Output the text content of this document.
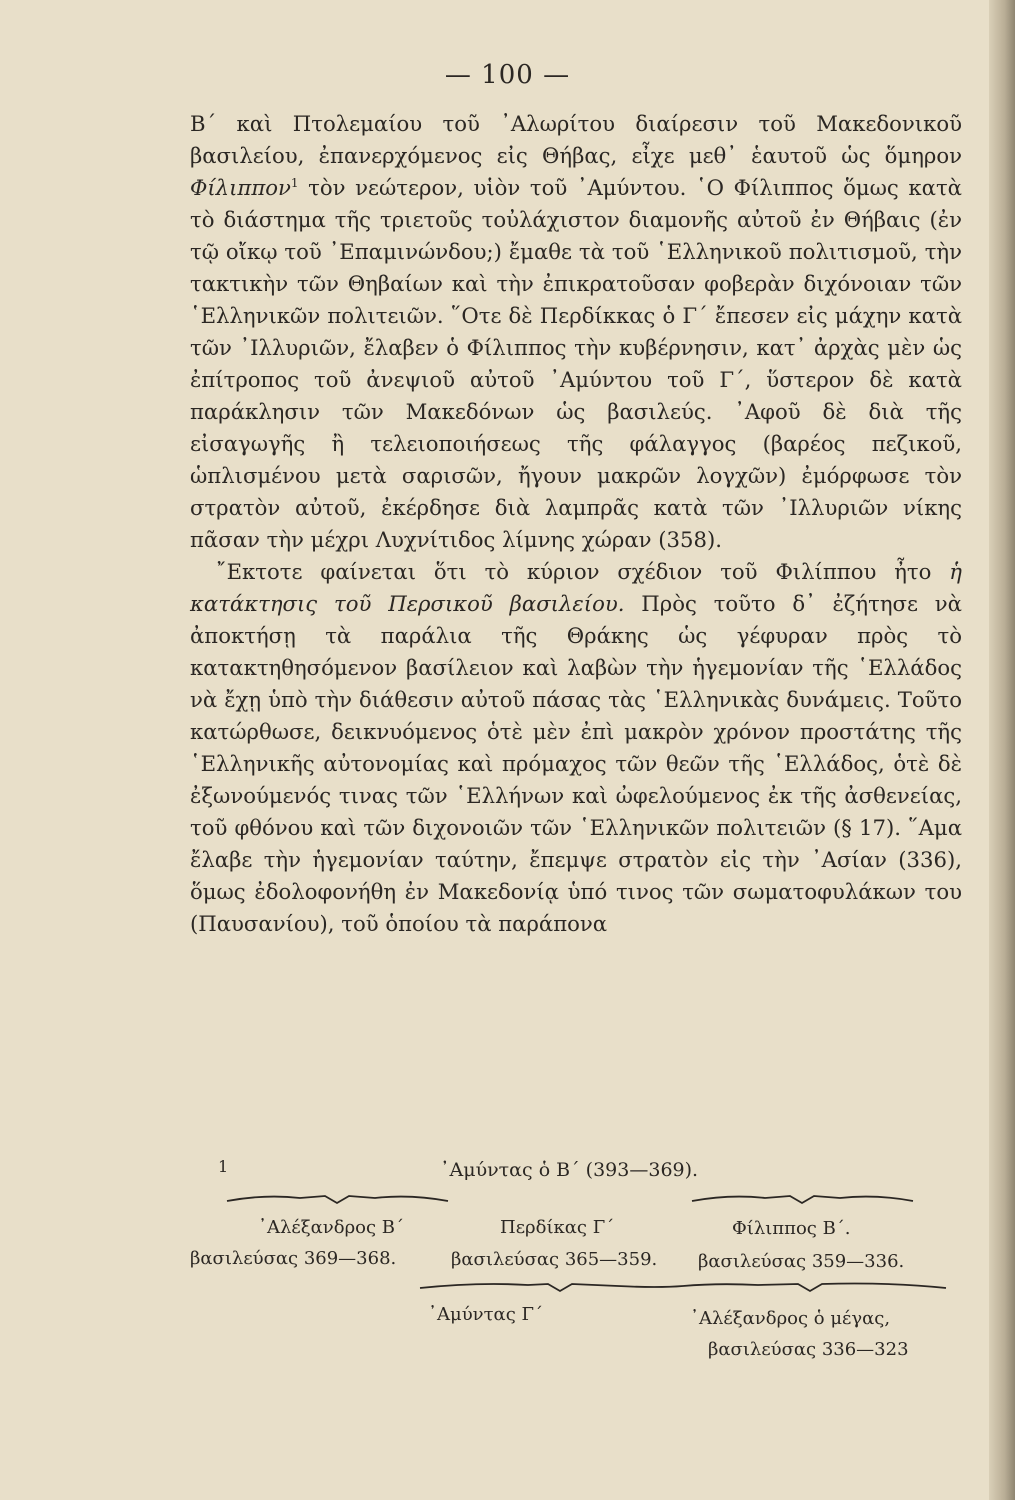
— 100 —

Β´ καὶ Πτολεμαίου τοῦ ᾽Αλωρίτου διαίρεσιν τοῦ Μακεδονικοῦ βασιλείου, ἐπανερχόμενος εἰς Θήβας, εἶχε μεθ᾽ ἑαυτοῦ ὡς ὅμηρον Φίλιππον$^1$ τὸν νεώτερον, υἱὸν τοῦ ᾽Αμύντου. ῾Ο Φίλιππος ὅμως κατὰ τὸ διάστημα τῆς τριετοῦς τοὐλάχιστον διαμονῆς αὐτοῦ ἐν Θήβαις (ἐν τῷ οἴκῳ τοῦ ᾽Επαμινώνδου;) ἔμαθε τὰ τοῦ ῾Ελληνικοῦ πολιτισμοῦ, τὴν τακτικὴν τῶν Θηβαίων καὶ τὴν ἐπικρατοῦσαν φοβερὰν διχόνοιαν τῶν ῾Ελληνικῶν πολιτειῶν. ῞Οτε δὲ Περδίκκας ὁ Γ´ ἔπεσεν εἰς μάχην κατὰ τῶν ᾽Ιλλυριῶν, ἔλαβεν ὁ Φίλιππος τὴν κυβέρνησιν, κατ᾽ ἀρχὰς μὲν ὡς ἐπίτροπος τοῦ ἀνεψιοῦ αὐτοῦ ᾽Αμύντου τοῦ Γ´, ὕστερον δὲ κατὰ παράκλησιν τῶν Μακεδόνων ὡς βασιλεύς. ᾽Αφοῦ δὲ διὰ τῆς εἰσαγωγῆς ἢ τελειοποιήσεως τῆς φάλαγγος (βαρέος πεζικοῦ, ὡπλισμένου μετὰ σαρισῶν, ἤγουν μακρῶν λογχῶν) ἐμόρφωσε τὸν στρατὸν αὐτοῦ, ἐκέρδησε διὰ λαμπρᾶς κατὰ τῶν ᾽Ιλλυριῶν νίκης πᾶσαν τὴν μέχρι Λυχνίτιδος λίμνης χώραν (358).

῎Εκτοτε φαίνεται ὅτι τὸ κύριον σχέδιον τοῦ Φιλίππου ἦτο ἡ κατάκτησις τοῦ Περσικοῦ βασιλείου. Πρὸς τοῦτο δ᾽ ἐζήτησε νὰ ἀποκτήσῃ τὰ παράλια τῆς Θράκης ὡς γέφυραν πρὸς τὸ κατακτηθησόμενον βασίλειον καὶ λαβὼν τὴν ἡγεμονίαν τῆς ῾Ελλάδος νὰ ἔχῃ ὑπὸ τὴν διάθεσιν αὐτοῦ πάσας τὰς ῾Ελληνικὰς δυνάμεις. Τοῦτο κατώρθωσε, δεικνυόμενος ὁτὲ μὲν ἐπὶ μακρὸν χρόνον προστάτης τῆς ῾Ελληνικῆς αὐτονομίας καὶ πρόμαχος τῶν θεῶν τῆς ῾Ελλάδος, ὁτὲ δὲ ἐξωνούμενός τινας τῶν ῾Ελλήνων καὶ ὠφελούμενος ἐκ τῆς ἀσθενείας, τοῦ φθόνου καὶ τῶν διχονοιῶν τῶν ῾Ελληνικῶν πολιτειῶν (§ 17). ῞Αμα ἔλαβε τὴν ἡγεμονίαν ταύτην, ἔπεμψε στρατὸν εἰς τὴν ᾽Ασίαν (336), ὅμως ἐδολοφονήθη ἐν Μακεδονίᾳ ὑπό τινος τῶν σωματοφυλάκων του (Παυσανίου), τοῦ ὁποίου τὰ παράπονα

1	᾽Αμύντας ὁ Β´ (393—369).
᾽Αλέξανδρος Β´	Περδίκας Γ´	Φίλιππος Β´.
βασιλεύσας 369—368.	βασιλεύσας 365—359. βασιλεύσας 359—336.
᾽Αμύντας Γ´	᾽Αλέξανδρος ὁ μέγας,
βασιλεύσας 336—323
